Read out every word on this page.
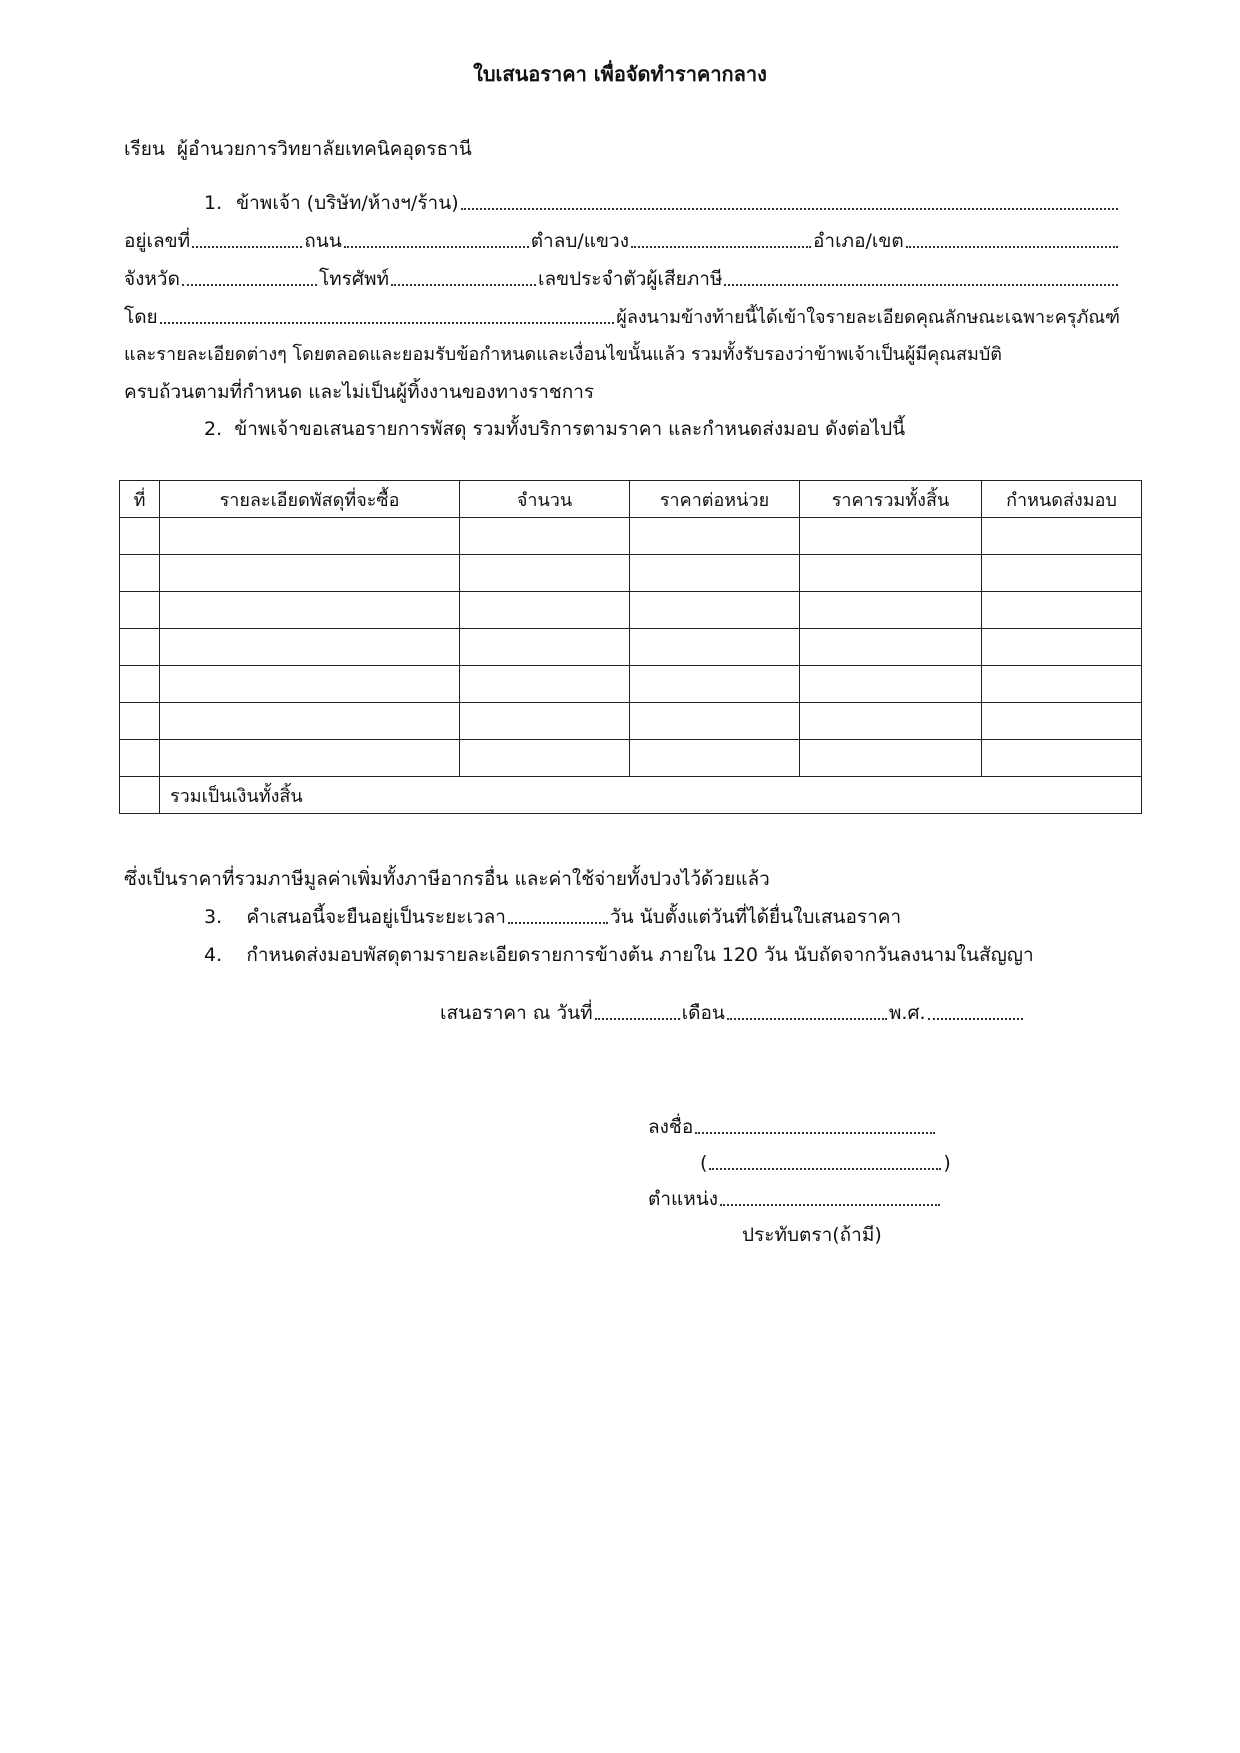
ใบเสนอราคา เพื่อจัดทำราคากลาง
เรียน ผู้อำนวยการวิทยาลัยเทคนิคอุดรธานี
1. ข้าพเจ้า (บริษัท/ห้างฯ/ร้าน)
อยู่เลขที่	ถนน	ตำลบ/แขวง	อำเภอ/เขต
จังหวัด	โทรศัพท์	เลขประจำตัวผู้เสียภาษี
โดย	ผู้ลงนามข้างท้ายนี้ได้เข้าใจรายละเอียดคุณลักษณะเฉพาะครุภัณฑ์
และรายละเอียดต่างๆ โดยตลอดและยอมรับข้อกำหนดและเงื่อนไขนั้นแล้ว รวมทั้งรับรองว่าข้าพเจ้าเป็นผู้มีคุณสมบัติ
ครบถ้วนตามที่กำหนด และไม่เป็นผู้ทิ้งงานของทางราชการ
2. ข้าพเจ้าขอเสนอรายการพัสดุ รวมทั้งบริการตามราคา และกำหนดส่งมอบ ดังต่อไปนี้
ที่	รายละเอียดพัสดุที่จะซื้อ	จำนวน	ราคาต่อหน่วย	ราคารวมทั้งสิ้น	กำหนดส่งมอบ

	รวมเป็นเงินทั้งสิ้น				
ซึ่งเป็นราคาที่รวมภาษีมูลค่าเพิ่มทั้งภาษีอากรอื่น และค่าใช้จ่ายทั้งปวงไว้ด้วยแล้ว
3. คำเสนอนี้จะยืนอยู่เป็นระยะเวลา	วัน นับตั้งแต่วันที่ได้ยื่นใบเสนอราคา
4. กำหนดส่งมอบพัสดุตามรายละเอียดรายการข้างต้น ภายใน 120 วัน นับถัดจากวันลงนามในสัญญา
เสนอราคา ณ วันที่	เดือน	พ.ศ.
ลงชื่อ
(	)
ตำแหน่ง
ประทับตรา(ถ้ามี)
